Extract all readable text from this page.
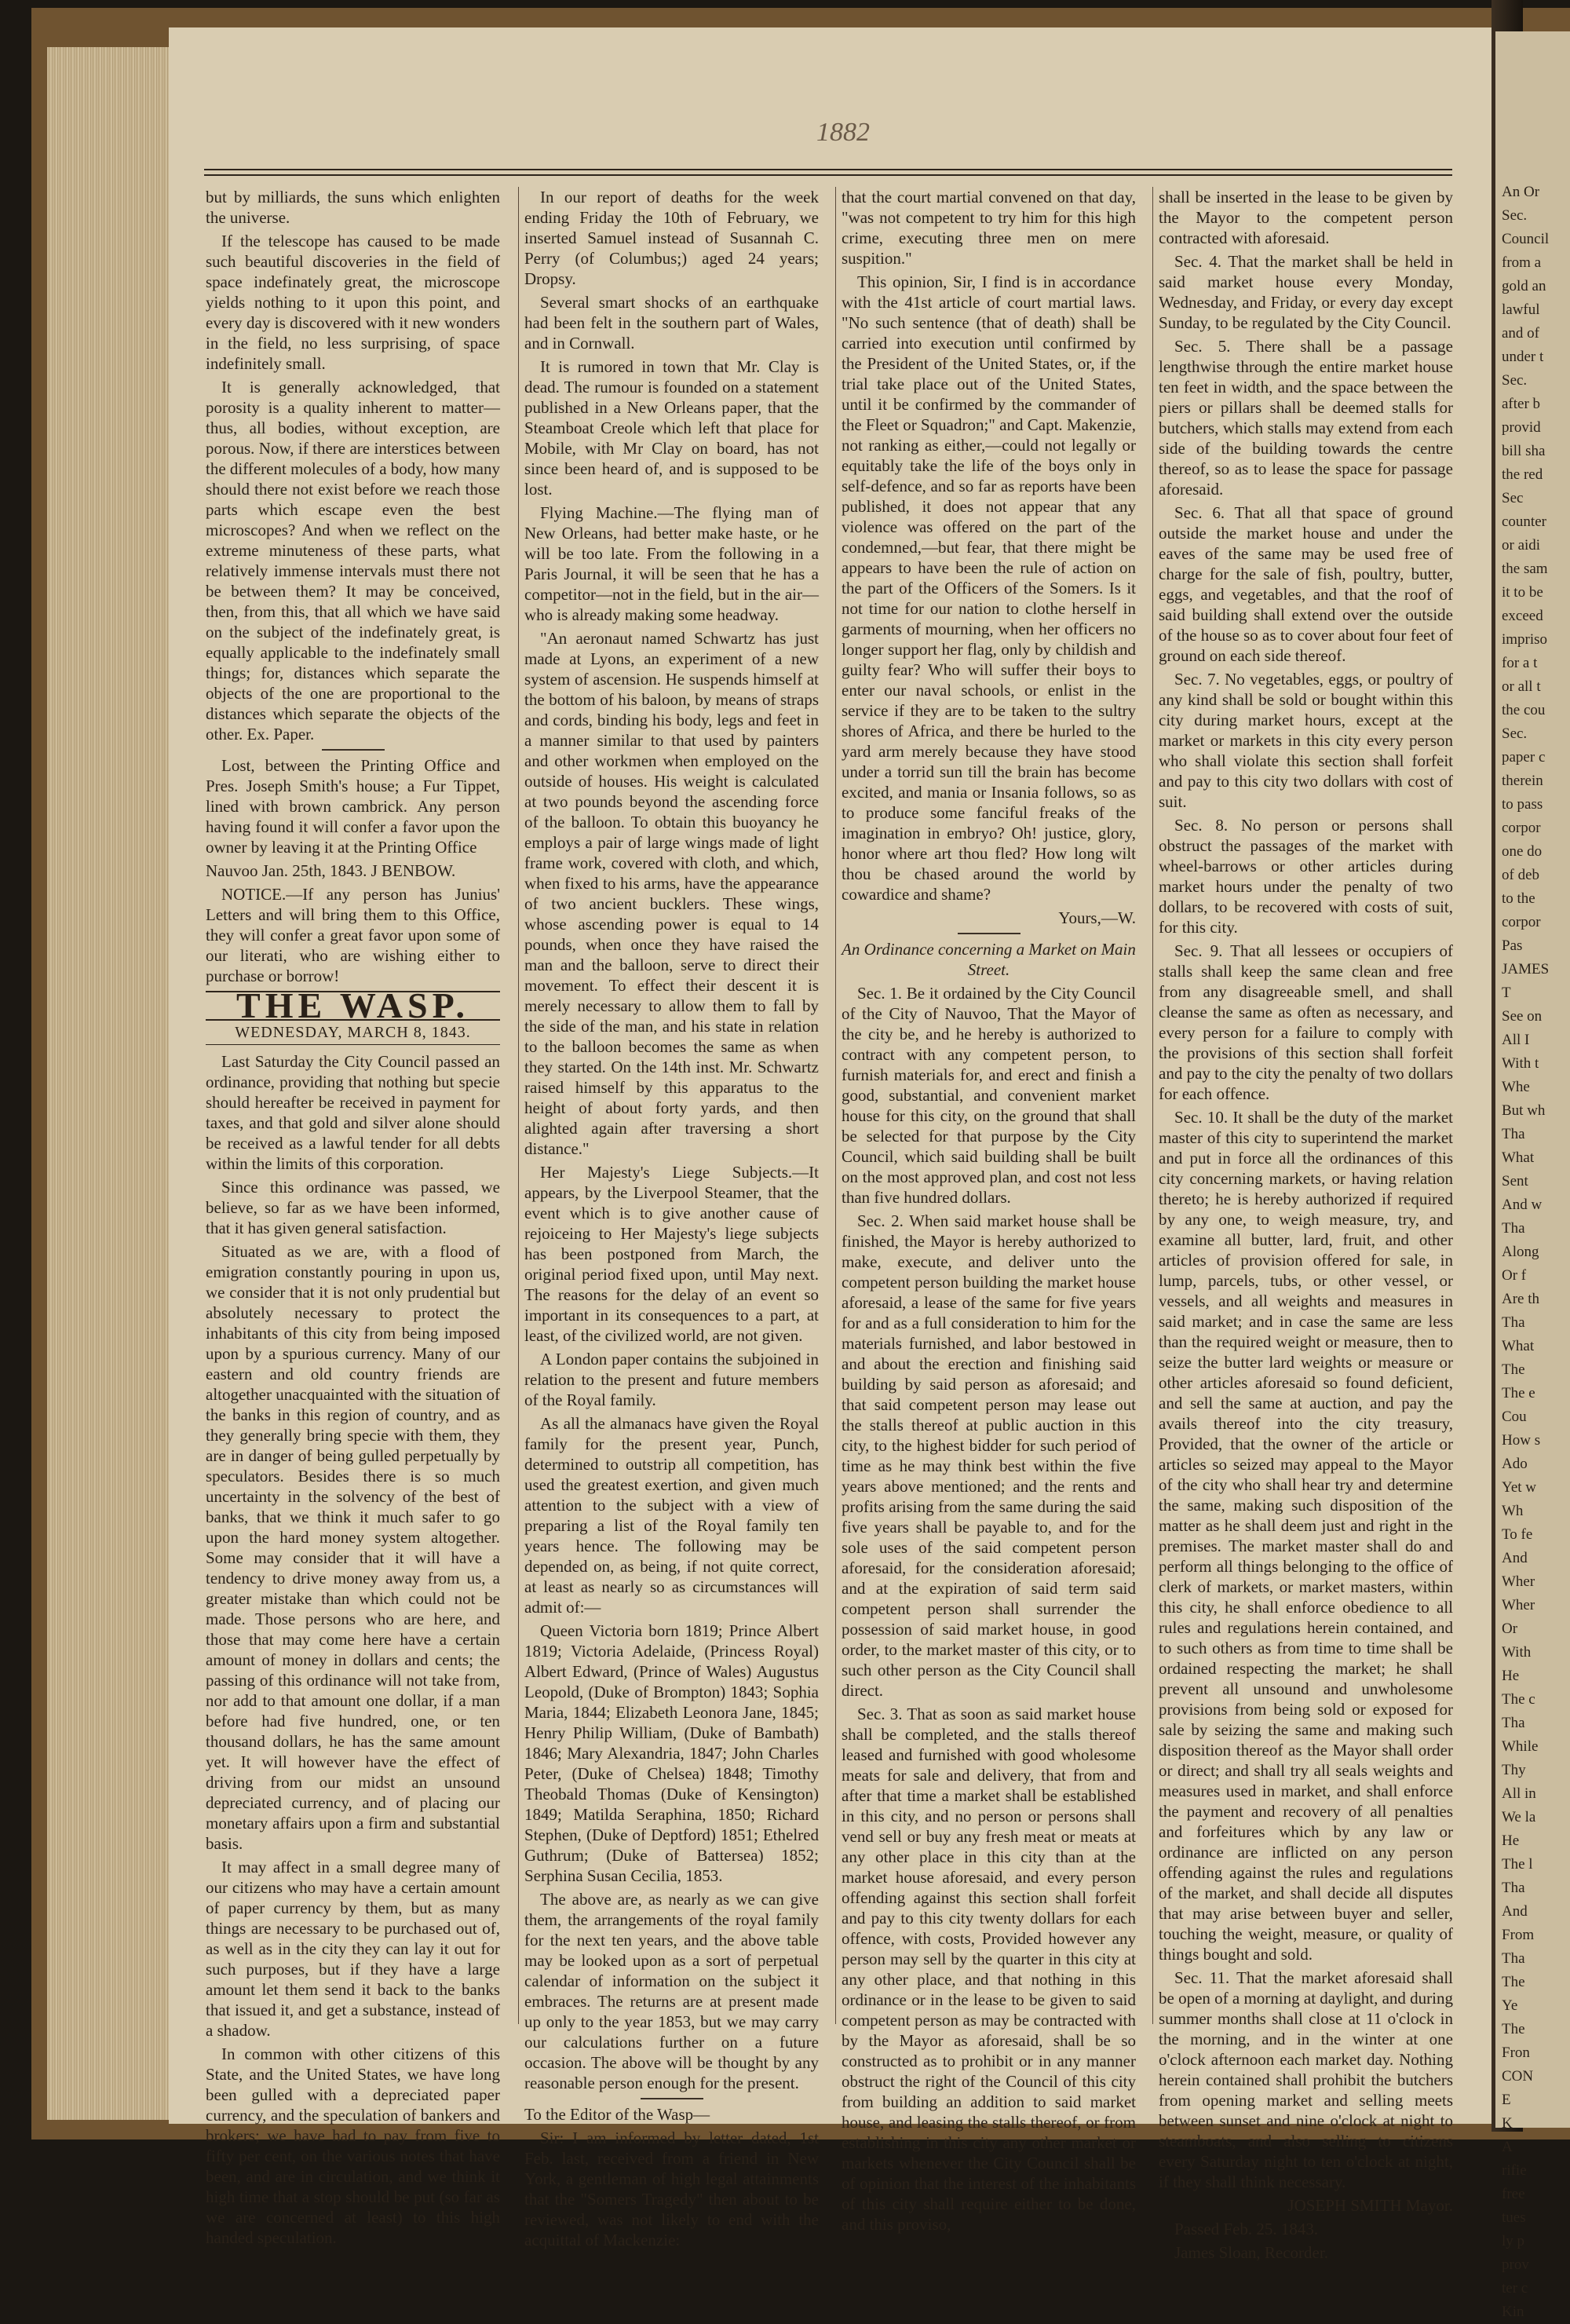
1882

but by milliards, the suns which enlighten the universe.

If the telescope has caused to be made such beautiful discoveries in the field of space indefinately great, the microscope yields nothing to it upon this point, and every day is discovered with it new wonders in the field, no less surprising, of space indefinitely small.

It is generally acknowledged, that porosity is a quality inherent to matter—thus, all bodies, without exception, are porous. Now, if there are interstices between the different molecules of a body, how many should there not exist before we reach those parts which escape even the best microscopes? And when we reflect on the extreme minuteness of these parts, what relatively immense intervals must there not be between them? It may be conceived, then, from this, that all which we have said on the subject of the indefinately great, is equally applicable to the indefinately small things; for, distances which separate the objects of the one are proportional to the distances which separate the objects of the other. Ex. Paper.

Lost, between the Printing Office and Pres. Joseph Smith's house; a Fur Tippet, lined with brown cambrick. Any person having found it will confer a favor upon the owner by leaving it at the Printing Office

Nauvoo Jan. 25th, 1843. J BENBOW.

NOTICE.—If any person has Junius' Letters and will bring them to this Office, they will confer a great favor upon some of our literati, who are wishing either to purchase or borrow!

THE WASP.
WEDNESDAY, MARCH 8, 1843.

Last Saturday the City Council passed an ordinance, providing that nothing but specie should hereafter be received in payment for taxes, and that gold and silver alone should be received as a lawful tender for all debts within the limits of this corporation.

Since this ordinance was passed, we believe, so far as we have been informed, that it has given general satisfaction.

Situated as we are, with a flood of emigration constantly pouring in upon us, we consider that it is not only prudential but absolutely necessary to protect the inhabitants of this city from being imposed upon by a spurious currency. Many of our eastern and old country friends are altogether unacquainted with the situation of the banks in this region of country, and as they generally bring specie with them, they are in danger of being gulled perpetually by speculators. Besides there is so much uncertainty in the solvency of the best of banks, that we think it much safer to go upon the hard money system altogether. Some may consider that it will have a tendency to drive money away from us, a greater mistake than which could not be made. Those persons who are here, and those that may come here have a certain amount of money in dollars and cents; the passing of this ordinance will not take from, nor add to that amount one dollar, if a man before had five hundred, one, or ten thousand dollars, he has the same amount yet. It will however have the effect of driving from our midst an unsound depreciated currency, and of placing our monetary affairs upon a firm and substantial basis.

It may affect in a small degree many of our citizens who may have a certain amount of paper currency by them, but as many things are necessary to be purchased out of, as well as in the city they can lay it out for such purposes, but if they have a large amount let them send it back to the banks that issued it, and get a substance, instead of a shadow.

In common with other citizens of this State, and the United States, we have long been gulled with a depreciated paper currency, and the speculation of bankers and brokers; we have had to pay from five to fifty per cent, on the various notes that have been, and are in circulation, and we think it high time that a stop should be put (so far as we are concerned at least) to this high handed speculation.

In our report of deaths for the week ending Friday the 10th of February, we inserted Samuel instead of Susannah C. Perry (of Columbus;) aged 24 years; Dropsy.

Several smart shocks of an earthquake had been felt in the southern part of Wales, and in Cornwall.

It is rumored in town that Mr. Clay is dead. The rumour is founded on a statement published in a New Orleans paper, that the Steamboat Creole which left that place for Mobile, with Mr Clay on board, has not since been heard of, and is supposed to be lost.

Flying Machine.—The flying man of New Orleans, had better make haste, or he will be too late. From the following in a Paris Journal, it will be seen that he has a competitor—not in the field, but in the air—who is already making some headway.

"An aeronaut named Schwartz has just made at Lyons, an experiment of a new system of ascension. He suspends himself at the bottom of his baloon, by means of straps and cords, binding his body, legs and feet in a manner similar to that used by painters and other workmen when employed on the outside of houses. His weight is calculated at two pounds beyond the ascending force of the balloon. To obtain this buoyancy he employs a pair of large wings made of light frame work, covered with cloth, and which, when fixed to his arms, have the appearance of two ancient bucklers. These wings, whose ascending power is equal to 14 pounds, when once they have raised the man and the balloon, serve to direct their movement. To effect their descent it is merely necessary to allow them to fall by the side of the man, and his state in relation to the balloon becomes the same as when they started. On the 14th inst. Mr. Schwartz raised himself by this apparatus to the height of about forty yards, and then alighted again after traversing a short distance."

Her Majesty's Liege Subjects.—It appears, by the Liverpool Steamer, that the event which is to give another cause of rejoiceing to Her Majesty's liege subjects has been postponed from March, the original period fixed upon, until May next. The reasons for the delay of an event so important in its consequences to a part, at least, of the civilized world, are not given.

A London paper contains the subjoined in relation to the present and future members of the Royal family.

As all the almanacs have given the Royal family for the present year, Punch, determined to outstrip all competition, has used the greatest exertion, and given much attention to the subject with a view of preparing a list of the Royal family ten years hence. The following may be depended on, as being, if not quite correct, at least as nearly so as circumstances will admit of:—

Queen Victoria born 1819; Prince Albert 1819; Victoria Adelaide, (Princess Royal) Albert Edward, (Prince of Wales) Augustus Leopold, (Duke of Brompton) 1843; Sophia Maria, 1844; Elizabeth Leonora Jane, 1845; Henry Philip William, (Duke of Bambath) 1846; Mary Alexandria, 1847; John Charles Peter, (Duke of Chelsea) 1848; Timothy Theobald Thomas (Duke of Kensington) 1849; Matilda Seraphina, 1850; Richard Stephen, (Duke of Deptford) 1851; Ethelred Guthrum; (Duke of Battersea) 1852; Serphina Susan Cecilia, 1853.

The above are, as nearly as we can give them, the arrangements of the royal family for the next ten years, and the above table may be looked upon as a sort of perpetual calendar of information on the subject it embraces. The returns are at present made up only to the year 1853, but we may carry our calculations further on a future occasion. The above will be thought by any reasonable person enough for the present.

To the Editor of the Wasp—

Sir: I am informed by letter dated, 1st Feb. last, received from a friend in New York, a gentleman of high legal attainments that the "Somers Tragedy" then about to be reviewed, was not likely to end with the acquittal of Mackenzie:

that the court martial convened on that day, "was not competent to try him for this high crime, executing three men on mere suspition."

This opinion, Sir, I find is in accordance with the 41st article of court martial laws. "No such sentence (that of death) shall be carried into execution until confirmed by the President of the United States, or, if the trial take place out of the United States, until it be confirmed by the commander of the Fleet or Squadron;" and Capt. Makenzie, not ranking as either,—could not legally or equitably take the life of the boys only in self-defence, and so far as reports have been published, it does not appear that any violence was offered on the part of the condemned,—but fear, that there might be appears to have been the rule of action on the part of the Officers of the Somers. Is it not time for our nation to clothe herself in garments of mourning, when her officers no longer support her flag, only by childish and guilty fear? Who will suffer their boys to enter our naval schools, or enlist in the service if they are to be taken to the sultry shores of Africa, and there be hurled to the yard arm merely because they have stood under a torrid sun till the brain has become excited, and mania or Insania follows, so as to produce some fanciful freaks of the imagination in embryo? Oh! justice, glory, honor where art thou fled? How long wilt thou be chased around the world by cowardice and shame?

Yours,—W.

An Ordinance concerning a Market on Main Street.

Sec. 1. Be it ordained by the City Council of the City of Nauvoo, That the Mayor of the city be, and he hereby is authorized to contract with any competent person, to furnish materials for, and erect and finish a good, substantial, and convenient market house for this city, on the ground that shall be selected for that purpose by the City Council, which said building shall be built on the most approved plan, and cost not less than five hundred dollars.

Sec. 2. When said market house shall be finished, the Mayor is hereby authorized to make, execute, and deliver unto the competent person building the market house aforesaid, a lease of the same for five years for and as a full consideration to him for the materials furnished, and labor bestowed in and about the erection and finishing said building by said person as aforesaid; and that said competent person may lease out the stalls thereof at public auction in this city, to the highest bidder for such period of time as he may think best within the five years above mentioned; and the rents and profits arising from the same during the said five years shall be payable to, and for the sole uses of the said competent person aforesaid, for the consideration aforesaid; and at the expiration of said term said competent person shall surrender the possession of said market house, in good order, to the market master of this city, or to such other person as the City Council shall direct.

Sec. 3. That as soon as said market house shall be completed, and the stalls thereof leased and furnished with good wholesome meats for sale and delivery, that from and after that time a market shall be established in this city, and no person or persons shall vend sell or buy any fresh meat or meats at any other place in this city than at the market house aforesaid, and every person offending against this section shall forfeit and pay to this city twenty dollars for each offence, with costs, Provided however any person may sell by the quarter in this city at any other place, and that nothing in this ordinance or in the lease to be given to said competent person as may be contracted with by the Mayor as aforesaid, shall be so constructed as to prohibit or in any manner obstruct the right of the Council of this city from building an addition to said market house, and leasing the stalls thereof, or from establishing in this city any other market or markets whenever the City Council shall be of opinion that the interest of the inhabitants of this city shall require either to be done, and this proviso,

shall be inserted in the lease to be given by the Mayor to the competent person contracted with aforesaid.

Sec. 4. That the market shall be held in said market house every Monday, Wednesday, and Friday, or every day except Sunday, to be regulated by the City Council.

Sec. 5. There shall be a passage lengthwise through the entire market house ten feet in width, and the space between the piers or pillars shall be deemed stalls for butchers, which stalls may extend from each side of the building towards the centre thereof, so as to lease the space for passage aforesaid.

Sec. 6. That all that space of ground outside the market house and under the eaves of the same may be used free of charge for the sale of fish, poultry, butter, eggs, and vegetables, and that the roof of said building shall extend over the outside of the house so as to cover about four feet of ground on each side thereof.

Sec. 7. No vegetables, eggs, or poultry of any kind shall be sold or bought within this city during market hours, except at the market or markets in this city every person who shall violate this section shall forfeit and pay to this city two dollars with cost of suit.

Sec. 8. No person or persons shall obstruct the passages of the market with wheel-barrows or other articles during market hours under the penalty of two dollars, to be recovered with costs of suit, for this city.

Sec. 9. That all lessees or occupiers of stalls shall keep the same clean and free from any disagreeable smell, and shall cleanse the same as often as necessary, and every person for a failure to comply with the provisions of this section shall forfeit and pay to the city the penalty of two dollars for each offence.

Sec. 10. It shall be the duty of the market master of this city to superintend the market and put in force all the ordinances of this city concerning markets, or having relation thereto; he is hereby authorized if required by any one, to weigh measure, try, and examine all butter, lard, fruit, and other articles of provision offered for sale, in lump, parcels, tubs, or other vessel, or vessels, and all weights and measures in said market; and in case the same are less than the required weight or measure, then to seize the butter lard weights or measure or other articles aforesaid so found deficient, and sell the same at auction, and pay the avails thereof into the city treasury, Provided, that the owner of the article or articles so seized may appeal to the Mayor of the city who shall hear try and determine the same, making such disposition of the matter as he shall deem just and right in the premises. The market master shall do and perform all things belonging to the office of clerk of markets, or market masters, within this city, he shall enforce obedience to all rules and regulations herein contained, and to such others as from time to time shall be ordained respecting the market; he shall prevent all unsound and unwholesome provisions from being sold or exposed for sale by seizing the same and making such disposition thereof as the Mayor shall order or direct; and shall try all seals weights and measures used in market, and shall enforce the payment and recovery of all penalties and forfeitures which by any law or ordinance are inflicted on any person offending against the rules and regulations of the market, and shall decide all disputes that may arise between buyer and seller, touching the weight, measure, or quality of things bought and sold.

Sec. 11. That the market aforesaid shall be open of a morning at daylight, and during summer months shall close at 11 o'clock in the morning, and in the winter at one o'clock afternoon each market day. Nothing herein contained shall prohibit the butchers from opening market and selling meets between sunset and nine o'clock at night to steamboats, and also selling to citizens every Saturday night to ten o'clock at night, if they shall think necessary.

JOSEPH SMITH Mayor.

Passed Feb. 25. 1843.

James Sloan, Recorder.

An Or
Sec.
Council
from a
gold an
lawful
and of
under t
Sec.
after b
provid
bill sha
the red
Sec
counter
or aidi
the sam
it to be
exceed
impriso
for a t
or all t
the cou
Sec.
paper c
therein
to pass
corpor
one do
of deb
to the
corpor
Pas
JAMES
T
See on
All I
With t
Whe
But wh
Tha
What
Sent
And w
Tha
Along
Or f
Are th
Tha
What
The
The e
Cou
How s
Ado
Yet w
Wh
To fe
And
Wher
Wher
Or
With
He
The c
Tha
While
Thy
All in
We la
He
The l
Tha
And
From
Tha
The
Ye
The
Fron
CON
E
K
A
rifie
free
tues
ly p
prov
ter c
Kin
